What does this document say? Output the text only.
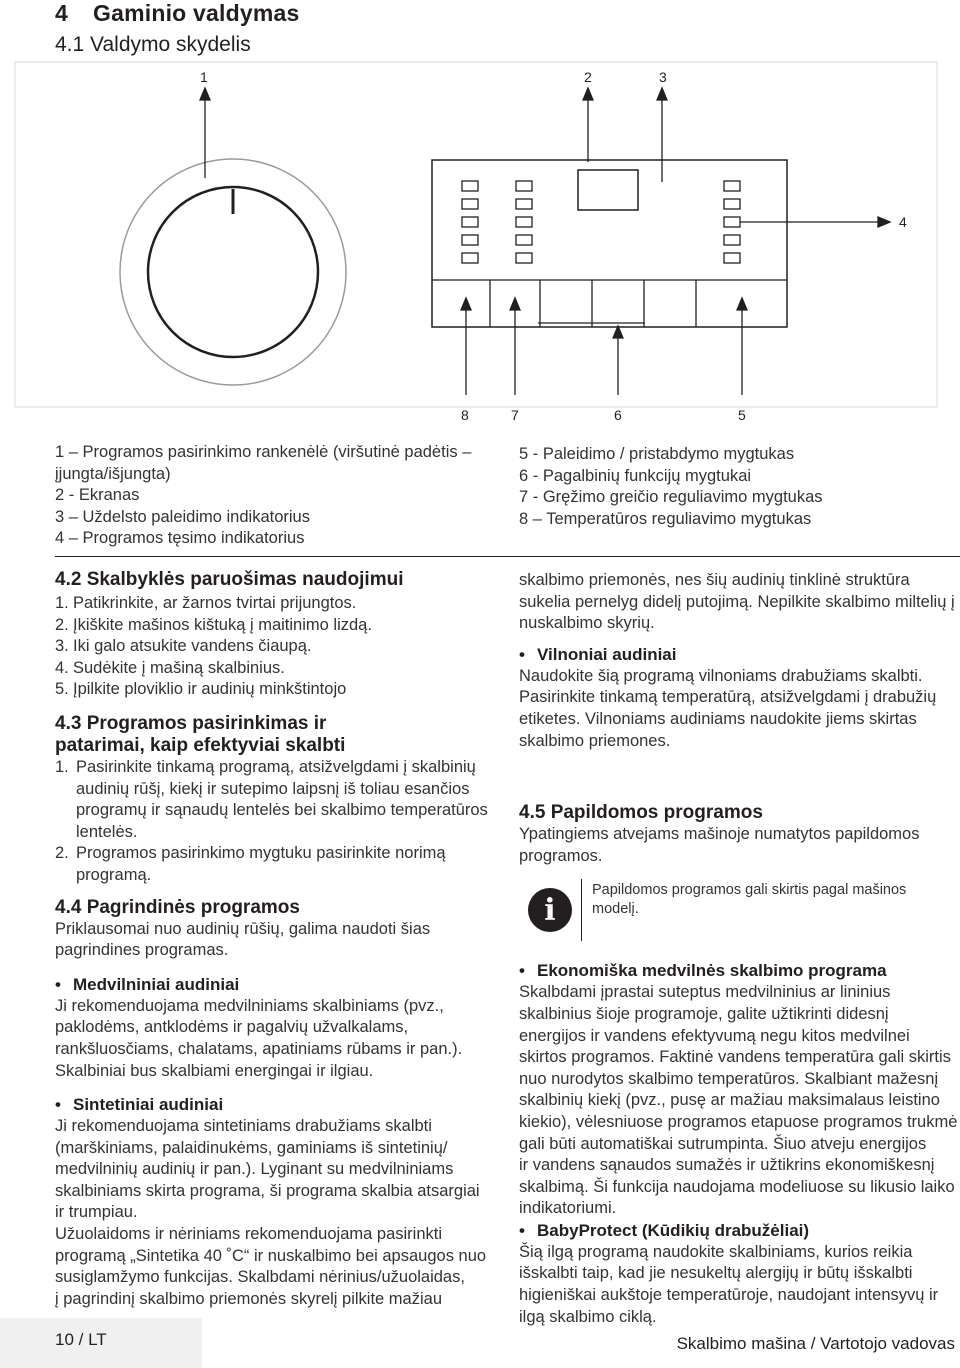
4 Gaminio valdymas
4.1 Valdymo skydelis
1	2	3
4
8	7	6	5
1 – Programos pasirinkimo rankenėlė (viršutinė padėtis –
įjungta/išjungta)
2 - Ekranas
3 – Uždelsto paleidimo indikatorius
4 – Programos tęsimo indikatorius
5 - Paleidimo / pristabdymo mygtukas
6 - Pagalbinių funkcijų mygtukai
7 - Gręžimo greičio reguliavimo mygtukas
8 – Temperatūros reguliavimo mygtukas
4.2 Skalbyklės paruošimas naudojimui
1. Patikrinkite, ar žarnos tvirtai prijungtos.
2. Įkiškite mašinos kištuką į maitinimo lizdą.
3. Iki galo atsukite vandens čiaupą.
4. Sudėkite į mašiną skalbinius.
5. Įpilkite ploviklio ir audinių minkštintojo
4.3 Programos pasirinkimas ir
patarimai, kaip efektyviai skalbti
1. Pasirinkite tinkamą programą, atsižvelgdami į skalbinių
audinių rūšį, kiekį ir sutepimo laipsnį iš toliau esančios
programų ir sąnaudų lentelės bei skalbimo temperatūros
lentelės.
2. Programos pasirinkimo mygtuku pasirinkite norimą
programą.
4.4 Pagrindinės programos
Priklausomai nuo audinių rūšių, galima naudoti šias
pagrindines programas.
• Medvilniniai audiniai
Ji rekomenduojama medvilniniams skalbiniams (pvz.,
paklodėms, antklodėms ir pagalvių užvalkalams,
rankšluosčiams, chalatams, apatiniams rūbams ir pan.).
Skalbiniai bus skalbiami energingai ir ilgiau.
• Sintetiniai audiniai
Ji rekomenduojama sintetiniams drabužiams skalbti
(marškiniams, palaidinukėms, gaminiams iš sintetinių/
medvilninių audinių ir pan.). Lyginant su medvilniniams
skalbiniams skirta programa, ši programa skalbia atsargiai
ir trumpiau.
Užuolaidoms ir nėriniams rekomenduojama pasirinkti
programą „Sintetika 40 ˚C“ ir nuskalbimo bei apsaugos nuo
susiglamžymo funkcijas. Skalbdami nėrinius/užuolaidas,
į pagrindinį skalbimo priemonės skyrelį pilkite mažiau
skalbimo priemonės, nes šių audinių tinklinė struktūra
sukelia pernelyg didelį putojimą. Nepilkite skalbimo miltelių į
nuskalbimo skyrių.
• Vilnoniai audiniai
Naudokite šią programą vilnoniams drabužiams skalbti.
Pasirinkite tinkamą temperatūrą, atsižvelgdami į drabužių
etiketes. Vilnoniams audiniams naudokite jiems skirtas
skalbimo priemones.
4.5 Papildomos programos
Ypatingiems atvejams mašinoje numatytos papildomos
programos.
i
Papildomos programos gali skirtis pagal mašinos
modelį.
• Ekonomiška medvilnės skalbimo programa
Skalbdami įprastai suteptus medvilninius ar lininius
skalbinius šioje programoje, galite užtikrinti didesnį
energijos ir vandens efektyvumą negu kitos medvilnei
skirtos programos. Faktinė vandens temperatūra gali skirtis
nuo nurodytos skalbimo temperatūros. Skalbiant mažesnį
skalbinių kiekį (pvz., pusę ar mažiau maksimalaus leistino
kiekio), vėlesniuose programos etapuose programos trukmė
gali būti automatiškai sutrumpinta. Šiuo atveju energijos
ir vandens sąnaudos sumažės ir užtikrins ekonomiškesnį
skalbimą. Ši funkcija naudojama modeliuose su likusio laiko
indikatoriumi.
• BabyProtect (Kūdikių drabužėliai)
Šią ilgą programą naudokite skalbiniams, kurios reikia
išskalbti taip, kad jie nesukeltų alergijų ir būtų išskalbti
higieniškai aukštoje temperatūroje, naudojant intensyvų ir
ilgą skalbimo ciklą.
10 / LT	Skalbimo mašina / Vartotojo vadovas
